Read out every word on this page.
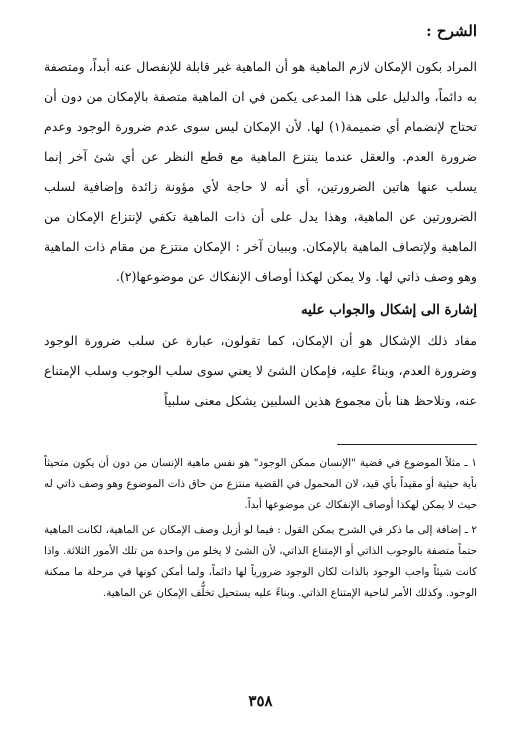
الشرح :

المراد بكون الإمكان لازم الماهية هو أن الماهية غير قابلة للإنفصال عنه أبداً، ومتصفة به دائماً، والدليل على هذا المدعى يكمن في ان الماهية متصفة بالإمكان من دون أن تحتاج لإنضمام أي ضميمة(١) لها. لأن الإمكان ليس سوى عدم ضرورة الوجود وعدم ضرورة العدم. والعقل عندما ينتزع الماهية مع قطع النظر عن أي شئ آخر إنما يسلب عنها هاتين الضرورتين، أي أنه لا حاجة لأي مؤونة زائدة وإضافية لسلب الضرورتين عن الماهية، وهذا يدل على أن ذات الماهية تكفي لإنتزاع الإمكان من الماهية ولإتصاف الماهية بالإمكان. وببيان آخر : الإمكان منتزع من مقام ذات الماهية وهو وصف ذاتي لها. ولا يمكن لهكذا أوصاف الإنفكاك عن موضوعها(٢).

إشارة الى إشكال والجواب عليه

مفاد ذلك الإشكال هو أن الإمكان، كما تقولون، عبارة عن سلب ضرورة الوجود وضرورة العدم، وبناءً عليه، فإمكان الشئ لا يعني سوى سلب الوجوب وسلب الإمتناع عنه، ونلاحظ هنا بأن مجموع هذين السلبين يشكل معنى سلبياً

١ ـ مثلاً الموضوع في قضية "الإنسان ممكن الوجود" هو نفس ماهية الإنسان من دون أن يكون متحيثاً بأية حيثية أو مقيداً بأي قيد، لان المحمول في القضية منتزع من حاق ذات الموضوع وهو وصف ذاتي له حيث لا يمكن لهكذا أوصاف الإنفكاك عن موضوعها أبداً.

٢ ـ إضافة إلى ما ذكر في الشرح يمكن القول : فيما لو أزيل وصف الإمكان عن الماهية، لكانت الماهية حتماً متصفة بالوجوب الذاتي أو الإمتناع الذاتي، لأن الشئ لا يخلو من واحدة من تلك الأمور الثلاثة. واذا كانت شيئاً واجب الوجود بالذات لكان الوجود ضرورياً لها دائماً، ولما أمكن كونها في مرحلة ما ممكنة الوجود. وكذلك الأمر لناحية الإمتناع الذاتي. وبناءً عليه يستحيل تخلُّف الإمكان عن الماهية.

٣٥٨
